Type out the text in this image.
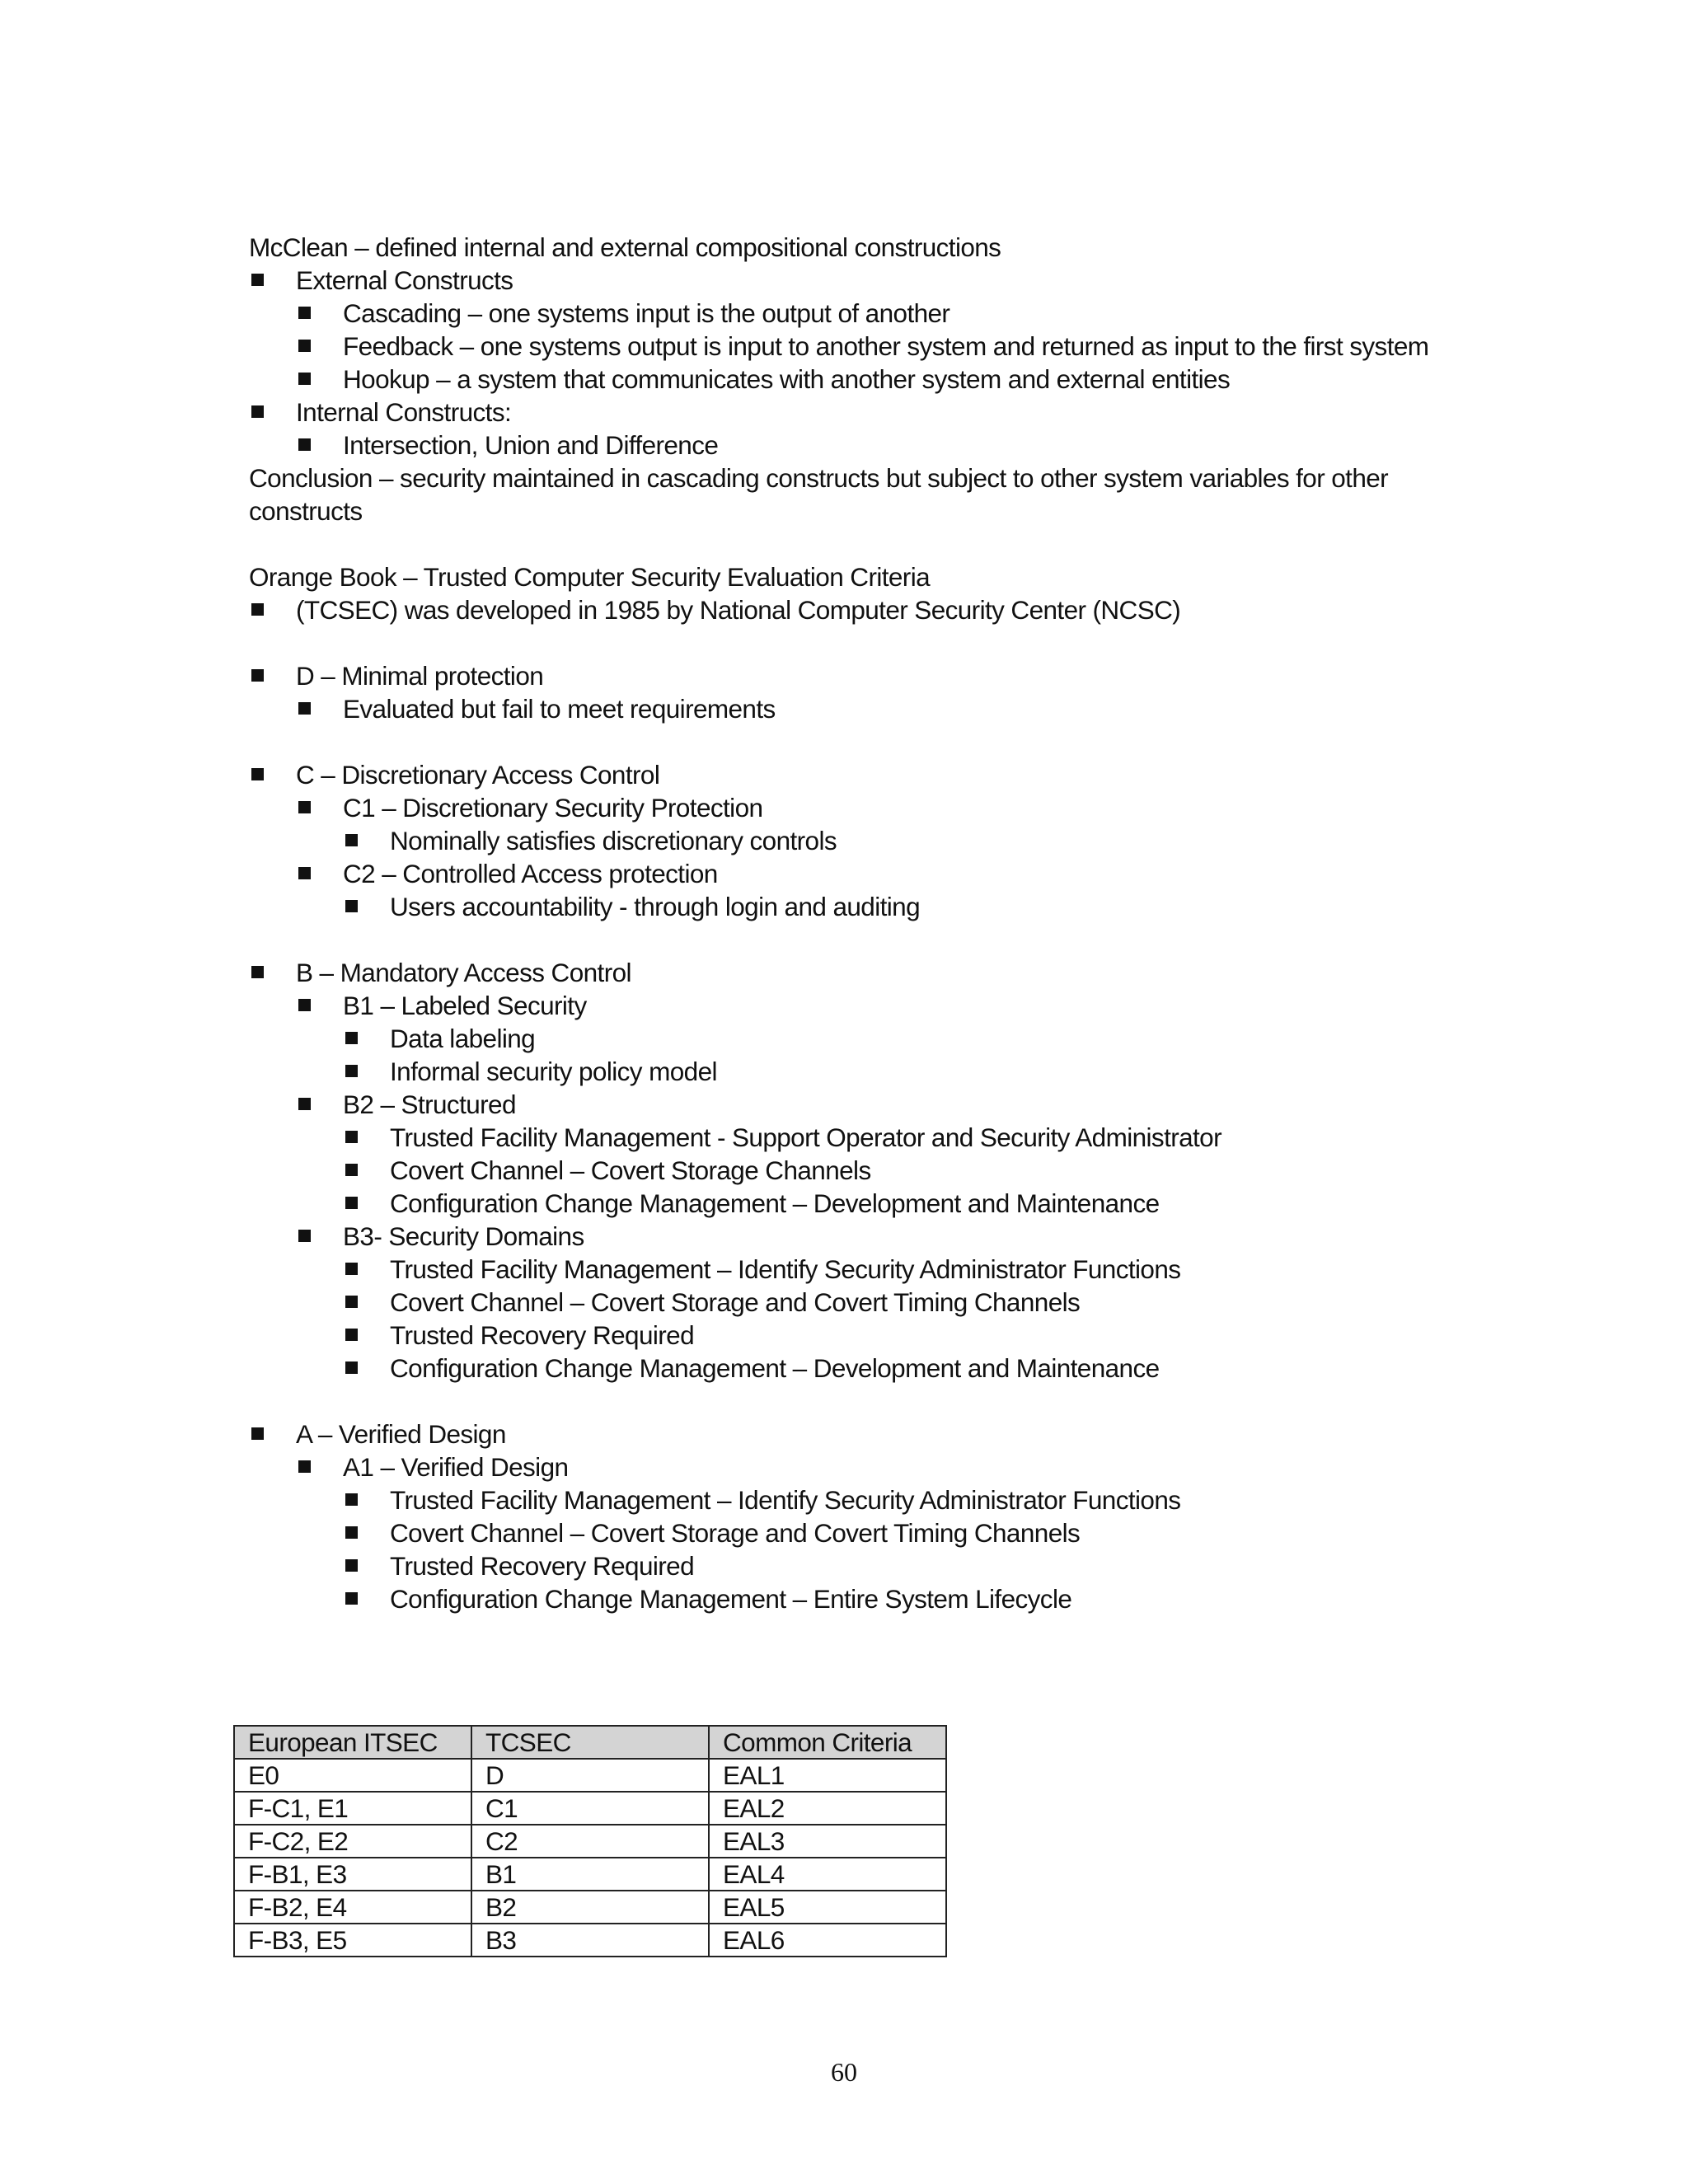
McClean – defined internal and external compositional constructions
External Constructs
Cascading – one systems input is the output of another
Feedback – one systems output is input to another system and returned as input to the first system
Hookup – a system that communicates with another system and external entities
Internal Constructs:
Intersection, Union and Difference
Conclusion – security maintained in cascading constructs but subject to other system variables for other constructs
Orange Book – Trusted Computer Security Evaluation Criteria
(TCSEC) was developed in 1985 by National Computer Security Center (NCSC)
D – Minimal protection
Evaluated but fail to meet requirements
C – Discretionary Access Control
C1 – Discretionary Security Protection
Nominally satisfies discretionary controls
C2 – Controlled Access protection
Users accountability - through login and auditing
B – Mandatory Access Control
B1 – Labeled Security
Data labeling
Informal security policy model
B2 – Structured
Trusted Facility Management - Support Operator and Security Administrator
Covert Channel – Covert Storage Channels
Configuration Change Management – Development and Maintenance
B3- Security Domains
Trusted Facility Management – Identify Security Administrator Functions
Covert Channel – Covert Storage and Covert Timing Channels
Trusted Recovery Required
Configuration Change Management – Development and Maintenance
A – Verified Design
A1 – Verified Design
Trusted Facility Management – Identify Security Administrator Functions
Covert Channel – Covert Storage and Covert Timing Channels
Trusted Recovery Required
Configuration Change Management – Entire System Lifecycle
European ITSEC	TCSEC	Common Criteria
E0	D	EAL1
F-C1, E1	C1	EAL2
F-C2, E2	C2	EAL3
F-B1, E3	B1	EAL4
F-B2, E4	B2	EAL5
F-B3, E5	B3	EAL6
60
